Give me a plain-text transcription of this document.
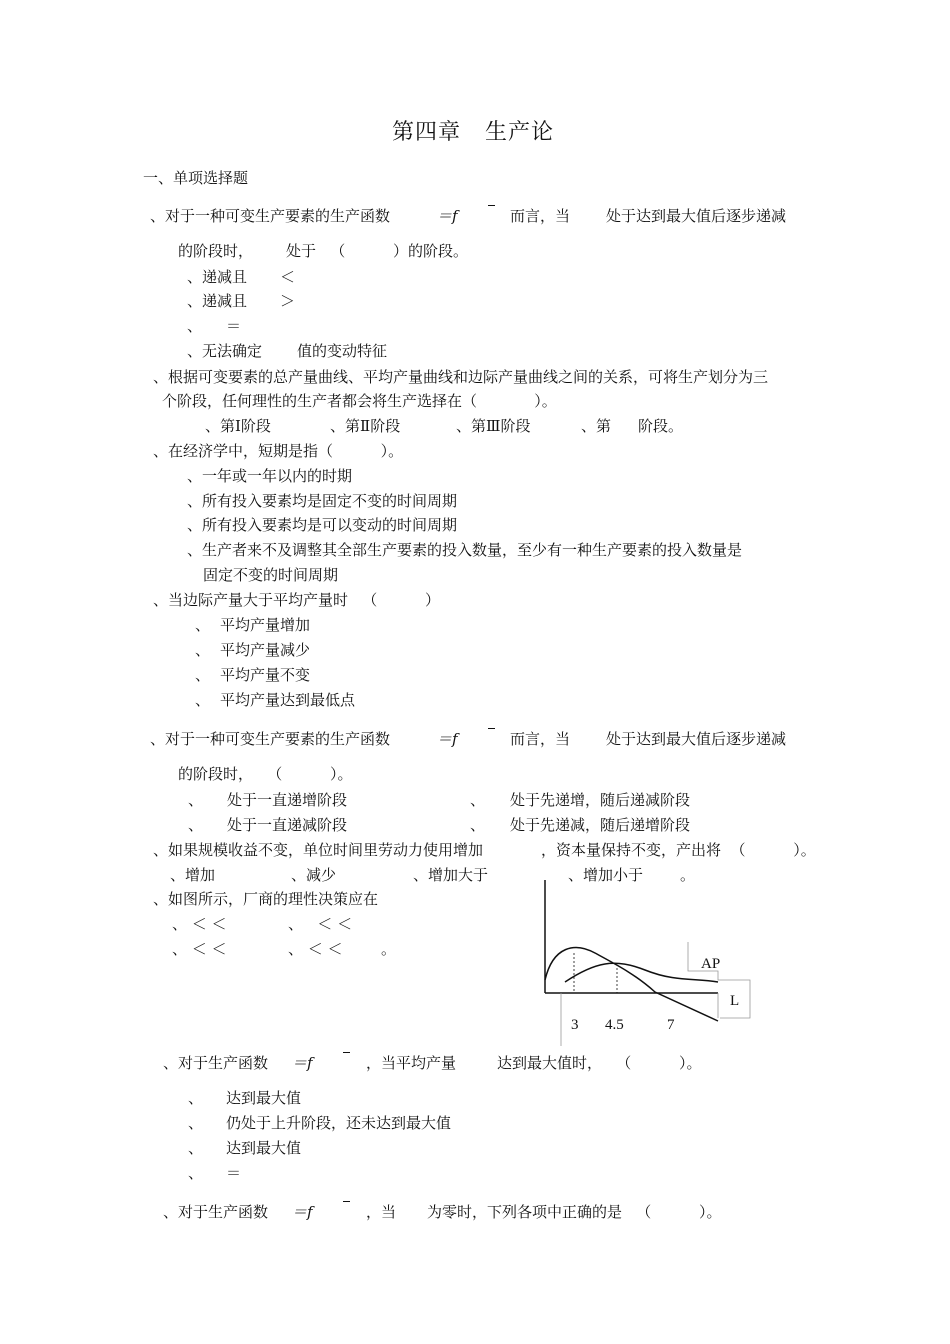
第四章   生产论
一、单项选择题
、对于一种可变生产要素的生产函数	＝f	而言，当 处于达到最大值后逐步递减
的阶段时， 处于   （          ）的阶段。
、递减且 ＜
、递减且 ＞
、 ＝
、无法确定 值的变动特征
、根据可变要素的总产量曲线、平均产量曲线和边际产量曲线之间的关系，可将生产划分为三
个阶段，任何理性的生产者都会将生产选择在（            ）。
、第Ⅰ阶段	、第Ⅱ阶段	、第Ⅲ阶段	、第 阶段。
、在经济学中，短期是指（          ）。
、一年或一年以内的时期
、所有投入要素均是固定不变的时间周期
、所有投入要素均是可以变动的时间周期
、生产者来不及调整其全部生产要素的投入数量，至少有一种生产要素的投入数量是
固定不变的时间周期
、当边际产量大于平均产量时   （          ）
、 平均产量增加
、 平均产量减少
、 平均产量不变
、 平均产量达到最低点
、对于一种可变生产要素的生产函数	＝f	而言，当 处于达到最大值后逐步递减
的阶段时，   （          ）。
、 处于一直递增阶段	、 处于先递增，随后递减阶段
、 处于一直递减阶段	、 处于先递减，随后递增阶段
、如果规模收益不变，单位时间里劳动力使用增加	，资本量保持不变，产出将  （          ）。
、增加	、减少	、增加大于	、增加小于 。
、如图所示，厂商的理性决策应在
、 ＜ ＜	、   ＜ ＜
、 ＜ ＜	、 ＜ ＜	。
AP
L
3 4.5	7
、对于生产函数 ＝f	，当平均产量	达到最大值时，   （          ）。
、 达到最大值
、 仍处于上升阶段，还未达到最大值
、 达到最大值
、 ＝
、对于生产函数 ＝f	，当 为零时，下列各项中正确的是   （          ）。
